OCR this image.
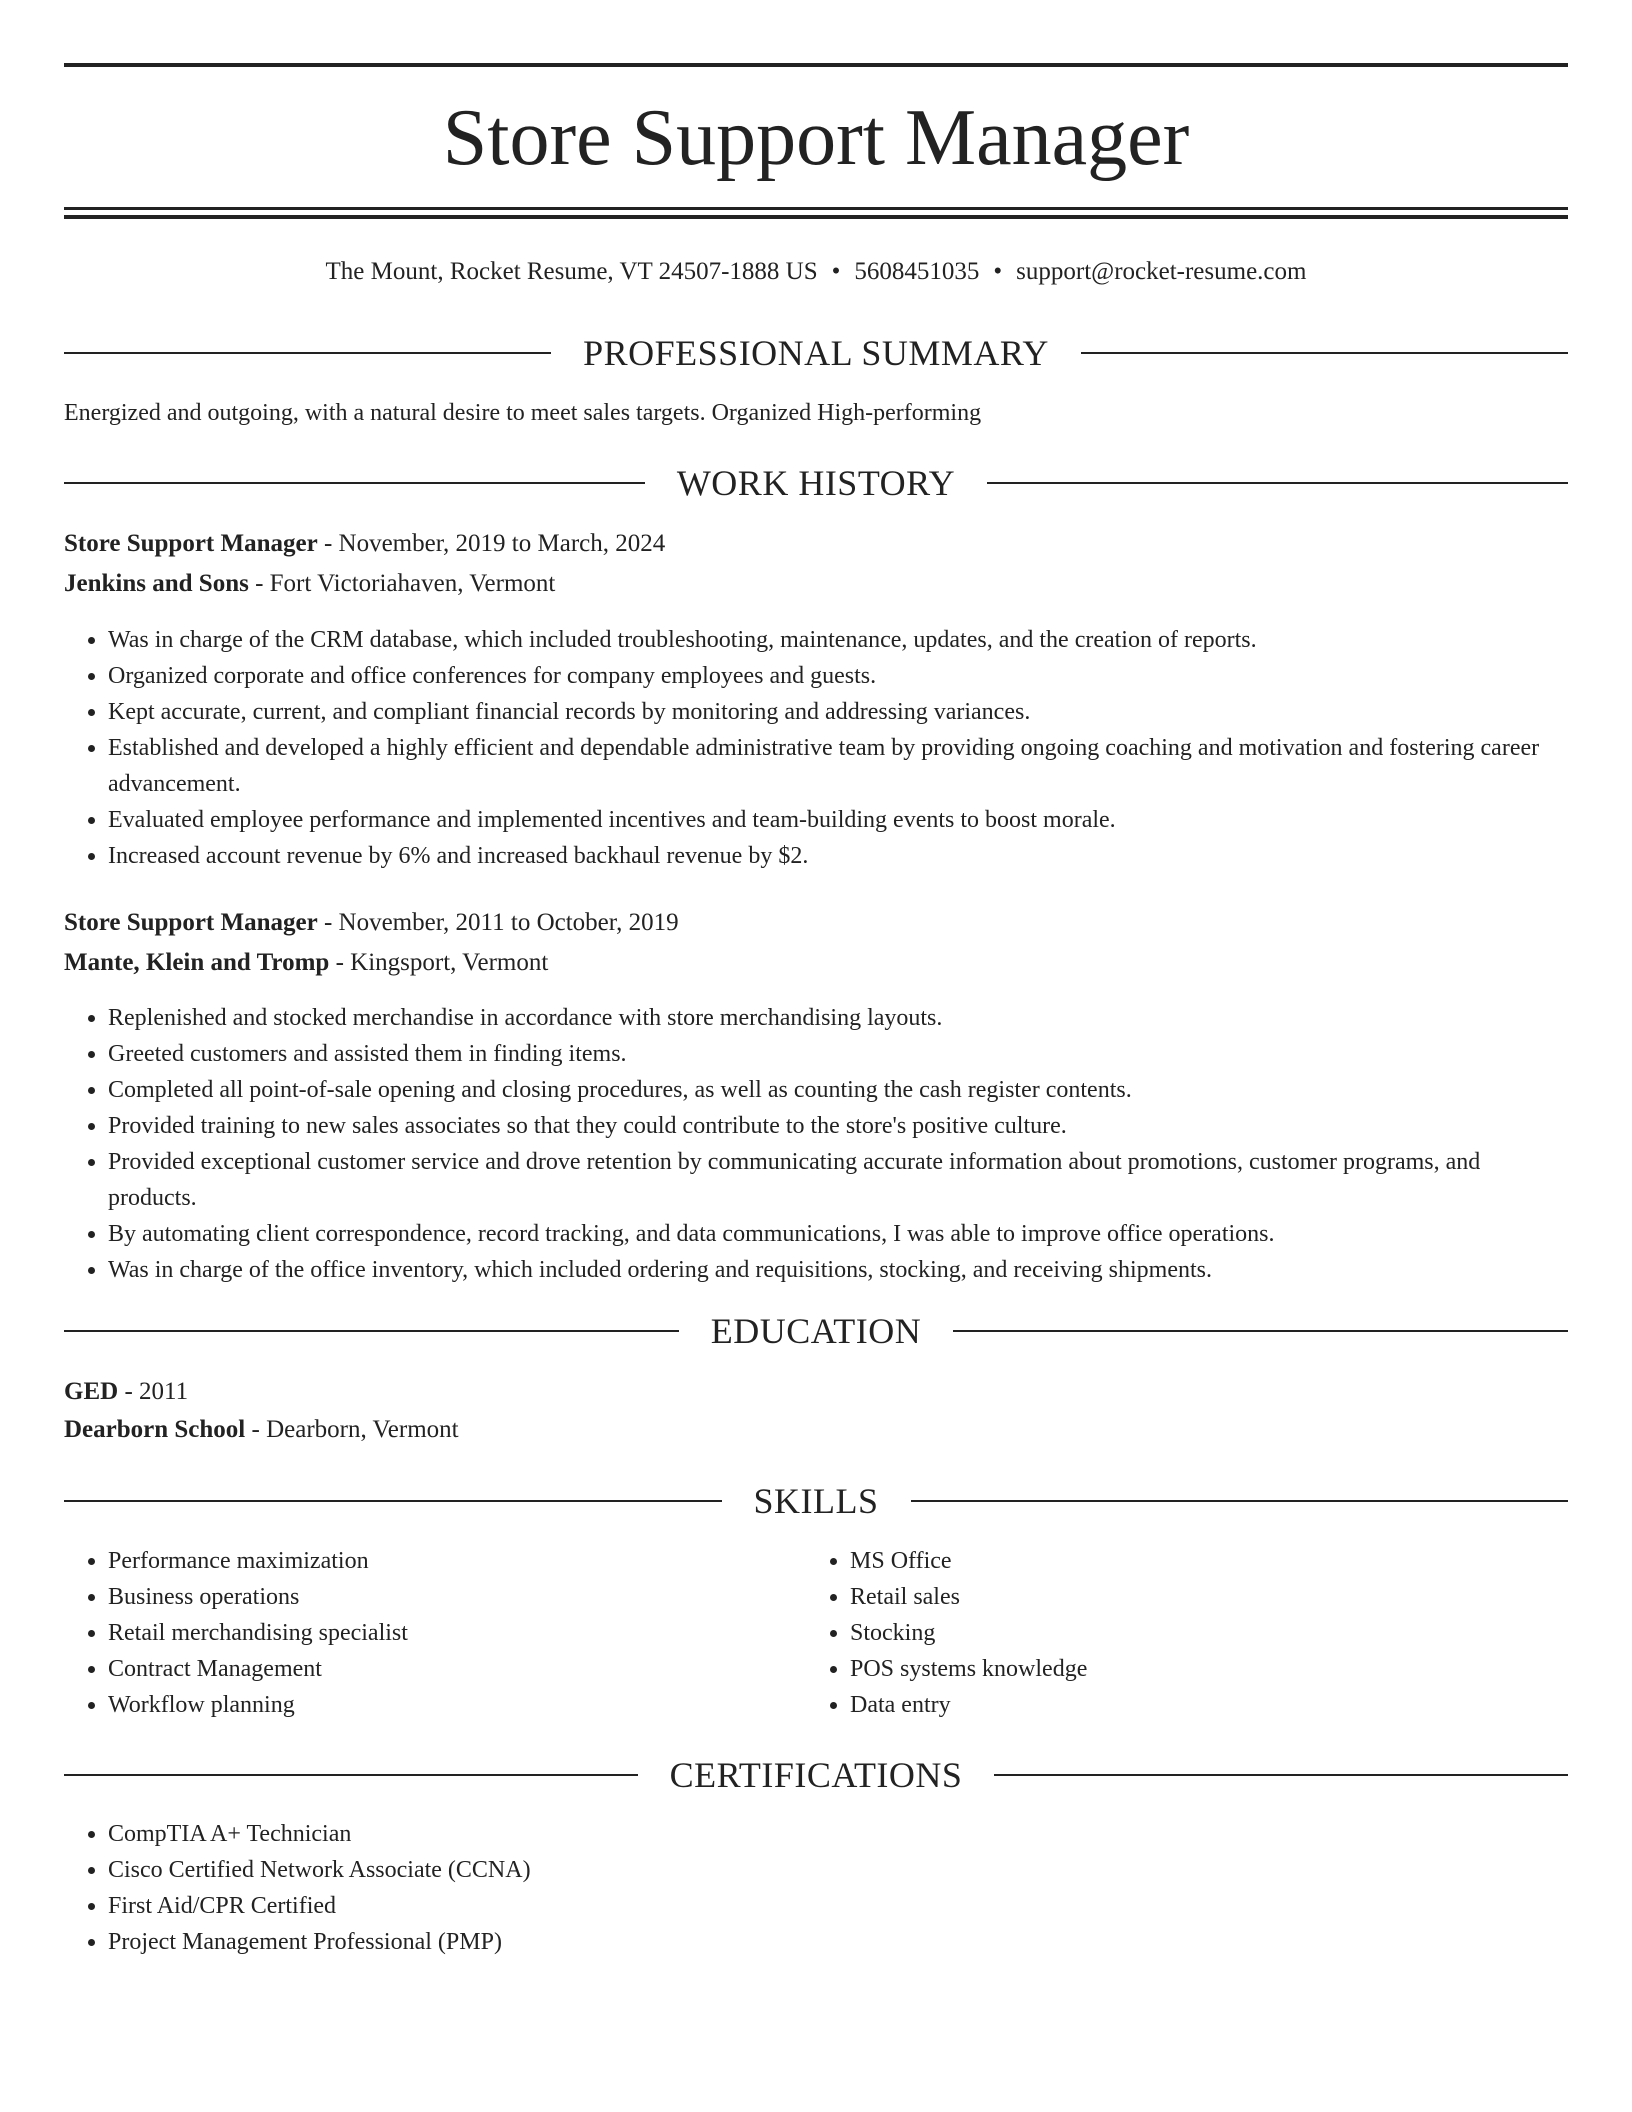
Store Support Manager
The Mount, Rocket Resume, VT 24507-1888 US • 5608451035 • support@rocket-resume.com
PROFESSIONAL SUMMARY
Energized and outgoing, with a natural desire to meet sales targets. Organized High-performing
WORK HISTORY
Store Support Manager - November, 2019 to March, 2024
Jenkins and Sons - Fort Victoriahaven, Vermont
• Was in charge of the CRM database, which included troubleshooting, maintenance, updates, and the creation of reports.
• Organized corporate and office conferences for company employees and guests.
• Kept accurate, current, and compliant financial records by monitoring and addressing variances.
• Established and developed a highly efficient and dependable administrative team by providing ongoing coaching and motivation and fostering career advancement.
• Evaluated employee performance and implemented incentives and team-building events to boost morale.
• Increased account revenue by 6% and increased backhaul revenue by $2.
Store Support Manager - November, 2011 to October, 2019
Mante, Klein and Tromp - Kingsport, Vermont
• Replenished and stocked merchandise in accordance with store merchandising layouts.
• Greeted customers and assisted them in finding items.
• Completed all point-of-sale opening and closing procedures, as well as counting the cash register contents.
• Provided training to new sales associates so that they could contribute to the store's positive culture.
• Provided exceptional customer service and drove retention by communicating accurate information about promotions, customer programs, and products.
• By automating client correspondence, record tracking, and data communications, I was able to improve office operations.
• Was in charge of the office inventory, which included ordering and requisitions, stocking, and receiving shipments.
EDUCATION
GED - 2011
Dearborn School - Dearborn, Vermont
SKILLS
• Performance maximization
• Business operations
• Retail merchandising specialist
• Contract Management
• Workflow planning
• MS Office
• Retail sales
• Stocking
• POS systems knowledge
• Data entry
CERTIFICATIONS
• CompTIA A+ Technician
• Cisco Certified Network Associate (CCNA)
• First Aid/CPR Certified
• Project Management Professional (PMP)
